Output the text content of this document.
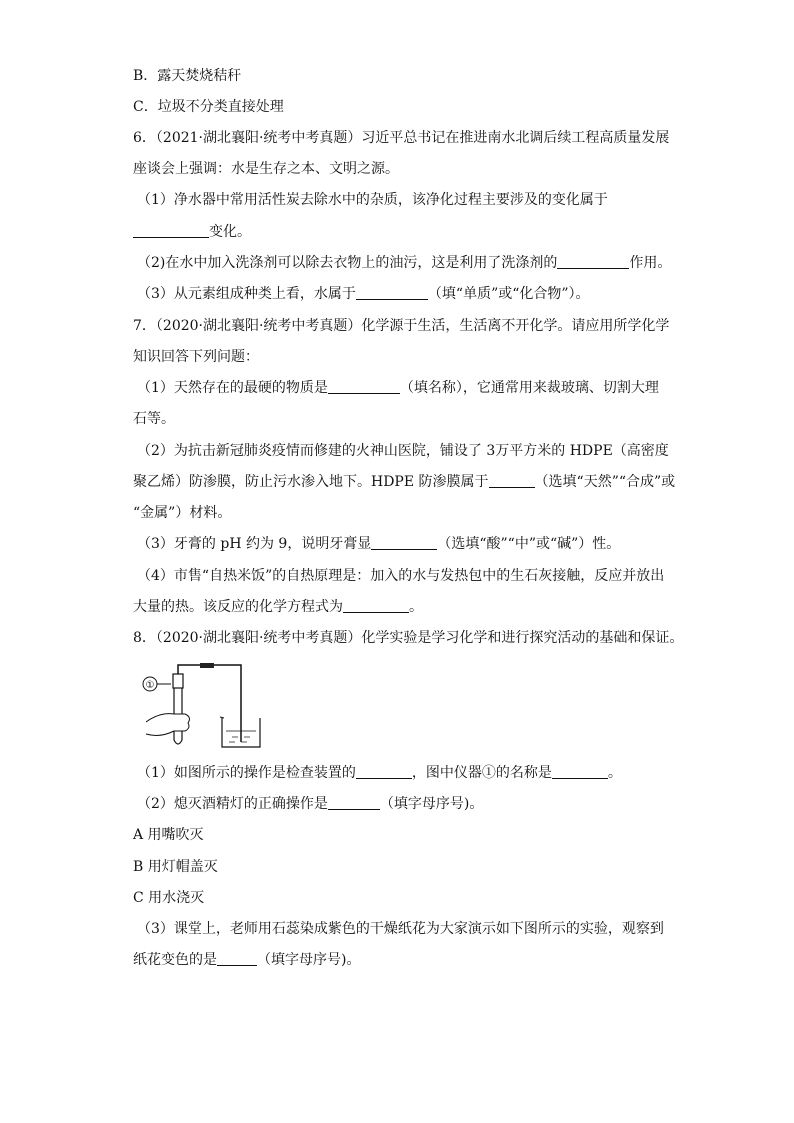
B．露天焚烧秸秆
C．垃圾不分类直接处理
6．（2021·湖北襄阳·统考中考真题）习近平总书记在推进南水北调后续工程高质量发展
座谈会上强调：水是生存之本、文明之源。
（1）净水器中常用活性炭去除水中的杂质，该净化过程主要涉及的变化属于
变化。
（2)在水中加入洗涤剂可以除去衣物上的油污，这是利用了洗涤剂的	作用。
（3）从元素组成种类上看，水属于	（填“单质”或“化合物”）。
7．（2020·湖北襄阳·统考中考真题）化学源于生活，生活离不开化学。请应用所学化学
知识回答下列问题：
（1）天然存在的最硬的物质是	（填名称），它通常用来裁玻璃、切割大理
石等。
（2）为抗击新冠肺炎疫情而修建的火神山医院，铺设了 3万平方米的 HDPE（高密度
聚乙烯）防渗膜，防止污水渗入地下。HDPE 防渗膜属于	（选填“天然”“合成”或
“金属”）材料。
（3）牙膏的 pH 约为 9，说明牙膏显	（选填“酸”“中”或“碱”）性。
（4）市售“自热米饭”的自热原理是：加入的水与发热包中的生石灰接触，反应并放出
大量的热。该反应的化学方程式为	。
8．（2020·湖北襄阳·统考中考真题）化学实验是学习化学和进行探究活动的基础和保证。
①
（1）如图所示的操作是检查装置的	，图中仪器①的名称是	。
（2）熄灭酒精灯的正确操作是	（填字母序号)。
A 用嘴吹灭
B 用灯帽盖灭
C 用水浇灭
（3）课堂上，老师用石蕊染成紫色的干燥纸花为大家演示如下图所示的实验，观察到
纸花变色的是	（填字母序号)。
